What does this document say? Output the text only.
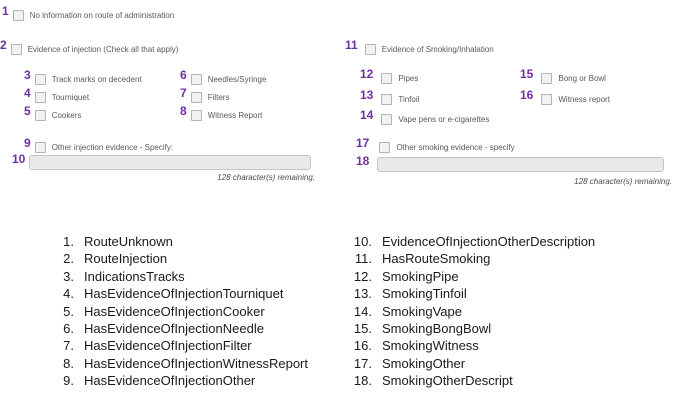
1	No information on route of administration
2	Evidence of injection (Check all that apply)
3	Track marks on decedent
4	Tourniquet
5	Cookers
6	Needles/Syringe
7	Filters
8	Witness Report
9	Other injection evidence - Specify:
10
128 character(s) remaining.
11	Evidence of Smoking/Inhalation
12	Pipes
13	Tinfoil
14	Vape pens or e-cigarettes
15	Bong or Bowl
16	Witness report
17	Other smoking evidence - specify
18
128 character(s) remaining.
1. RouteUnknown
2. RouteInjection
3. IndicationsTracks
4. HasEvidenceOfInjectionTourniquet
5. HasEvidenceOfInjectionCooker
6. HasEvidenceOfInjectionNeedle
7. HasEvidenceOfInjectionFilter
8. HasEvidenceOfInjectionWitnessReport
9. HasEvidenceOfInjectionOther
10. EvidenceOfInjectionOtherDescription
11. HasRouteSmoking
12. SmokingPipe
13. SmokingTinfoil
14. SmokingVape
15. SmokingBongBowl
16. SmokingWitness
17. SmokingOther
18. SmokingOtherDescript
